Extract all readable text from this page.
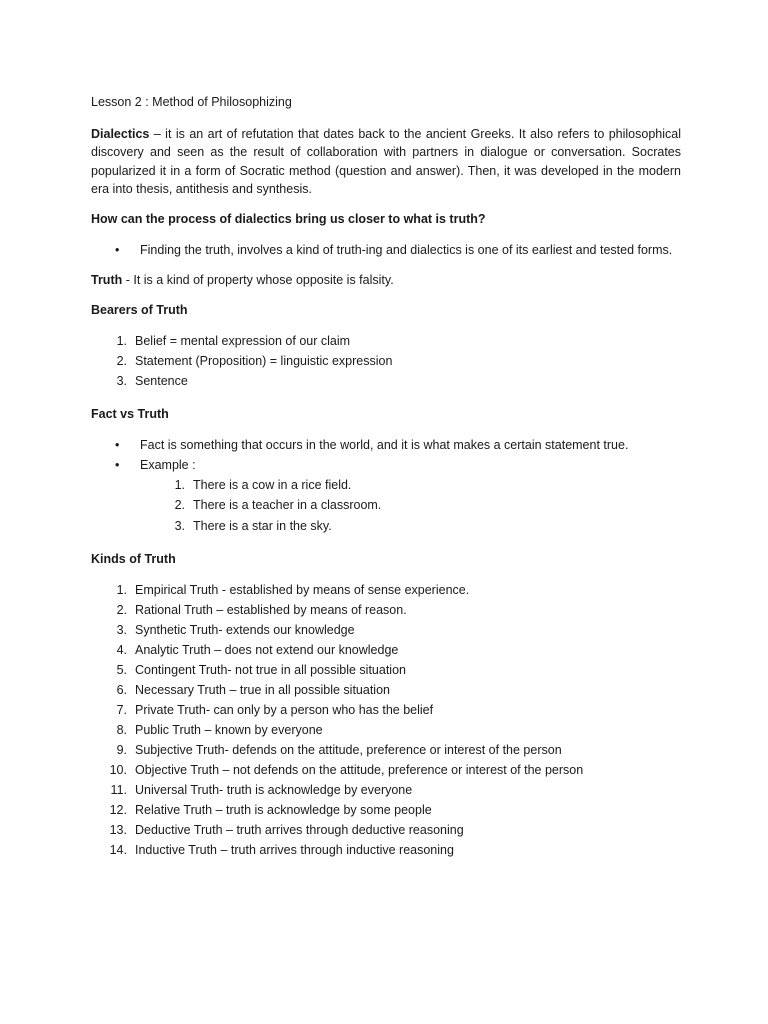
Lesson 2 : Method of Philosophizing

Dialectics – it is an art of refutation that dates back to the ancient Greeks. It also refers to philosophical discovery and seen as the result of collaboration with partners in dialogue or conversation. Socrates popularized it in a form of Socratic method (question and answer). Then, it was developed in the modern era into thesis, antithesis and synthesis.

How can the process of dialectics bring us closer to what is truth?

• Finding the truth, involves a kind of truth-ing and dialectics is one of its earliest and tested forms.

Truth - It is a kind of property whose opposite is falsity.

Bearers of Truth

1. Belief = mental expression of our claim
2. Statement (Proposition) = linguistic expression
3. Sentence

Fact vs Truth

• Fact is something that occurs in the world, and it is what makes a certain statement true.
• Example :
1. There is a cow in a rice field.
2. There is a teacher in a classroom.
3. There is a star in the sky.

Kinds of Truth

1. Empirical Truth - established by means of sense experience.
2. Rational Truth – established by means of reason.
3. Synthetic Truth- extends our knowledge
4. Analytic Truth – does not extend our knowledge
5. Contingent Truth- not true in all possible situation
6. Necessary Truth – true in all possible situation
7. Private Truth- can only by a person who has the belief
8. Public Truth – known by everyone
9. Subjective Truth- defends on the attitude, preference or interest of the person
10. Objective Truth – not defends on the attitude, preference or interest of the person
11. Universal Truth- truth is acknowledge by everyone
12. Relative Truth – truth is acknowledge by some people
13. Deductive Truth – truth arrives through deductive reasoning
14. Inductive Truth – truth arrives through inductive reasoning
